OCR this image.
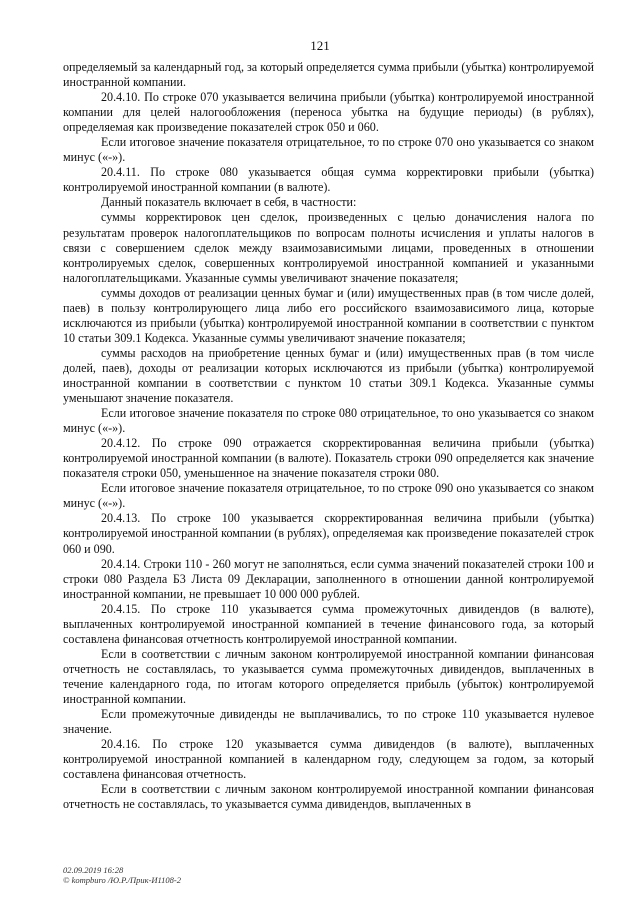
121

определяемый за календарный год, за который определяется сумма прибыли (убытка) контролируемой иностранной компании.

20.4.10. По строке 070 указывается величина прибыли (убытка) контролируемой иностранной компании для целей налогообложения (переноса убытка на будущие периоды) (в рублях), определяемая как произведение показателей строк 050 и 060.

Если итоговое значение показателя отрицательное, то по строке 070 оно указывается со знаком минус («-»).

20.4.11. По строке 080 указывается общая сумма корректировки прибыли (убытка) контролируемой иностранной компании (в валюте).

Данный показатель включает в себя, в частности:

суммы корректировок цен сделок, произведенных с целью доначисления налога по результатам проверок налогоплательщиков по вопросам полноты исчисления и уплаты налогов в связи с совершением сделок между взаимозависимыми лицами, проведенных в отношении контролируемых сделок, совершенных контролируемой иностранной компанией и указанными налогоплательщиками. Указанные суммы увеличивают значение показателя;

суммы доходов от реализации ценных бумаг и (или) имущественных прав (в том числе долей, паев) в пользу контролирующего лица либо его российского взаимозависимого лица, которые исключаются из прибыли (убытка) контролируемой иностранной компании в соответствии с пунктом 10 статьи 309.1 Кодекса. Указанные суммы увеличивают значение показателя;

суммы расходов на приобретение ценных бумаг и (или) имущественных прав (в том числе долей, паев), доходы от реализации которых исключаются из прибыли (убытка) контролируемой иностранной компании в соответствии с пунктом 10 статьи 309.1 Кодекса. Указанные суммы уменьшают значение показателя.

Если итоговое значение показателя по строке 080 отрицательное, то оно указывается со знаком минус («-»).

20.4.12. По строке 090 отражается скорректированная величина прибыли (убытка) контролируемой иностранной компании (в валюте). Показатель строки 090 определяется как значение показателя строки 050, уменьшенное на значение показателя строки 080.

Если итоговое значение показателя отрицательное, то по строке 090 оно указывается со знаком минус («-»).

20.4.13. По строке 100 указывается скорректированная величина прибыли (убытка) контролируемой иностранной компании (в рублях), определяемая как произведение показателей строк 060 и 090.

20.4.14. Строки 110 - 260 могут не заполняться, если сумма значений показателей строки 100 и строки 080 Раздела Б3 Листа 09 Декларации, заполненного в отношении данной контролируемой иностранной компании, не превышает 10 000 000 рублей.

20.4.15. По строке 110 указывается сумма промежуточных дивидендов (в валюте), выплаченных контролируемой иностранной компанией в течение финансового года, за который составлена финансовая отчетность контролируемой иностранной компании.

Если в соответствии с личным законом контролируемой иностранной компании финансовая отчетность не составлялась, то указывается сумма промежуточных дивидендов, выплаченных в течение календарного года, по итогам которого определяется прибыль (убыток) контролируемой иностранной компании.

Если промежуточные дивиденды не выплачивались, то по строке 110 указывается нулевое значение.

20.4.16. По строке 120 указывается сумма дивидендов (в валюте), выплаченных контролируемой иностранной компанией в календарном году, следующем за годом, за который составлена финансовая отчетность.

Если в соответствии с личным законом контролируемой иностранной компании финансовая отчетность не составлялась, то указывается сумма дивидендов, выплаченных в

02.09.2019 16:28
© kompburo /Ю.Р./Прик-И1108-2
